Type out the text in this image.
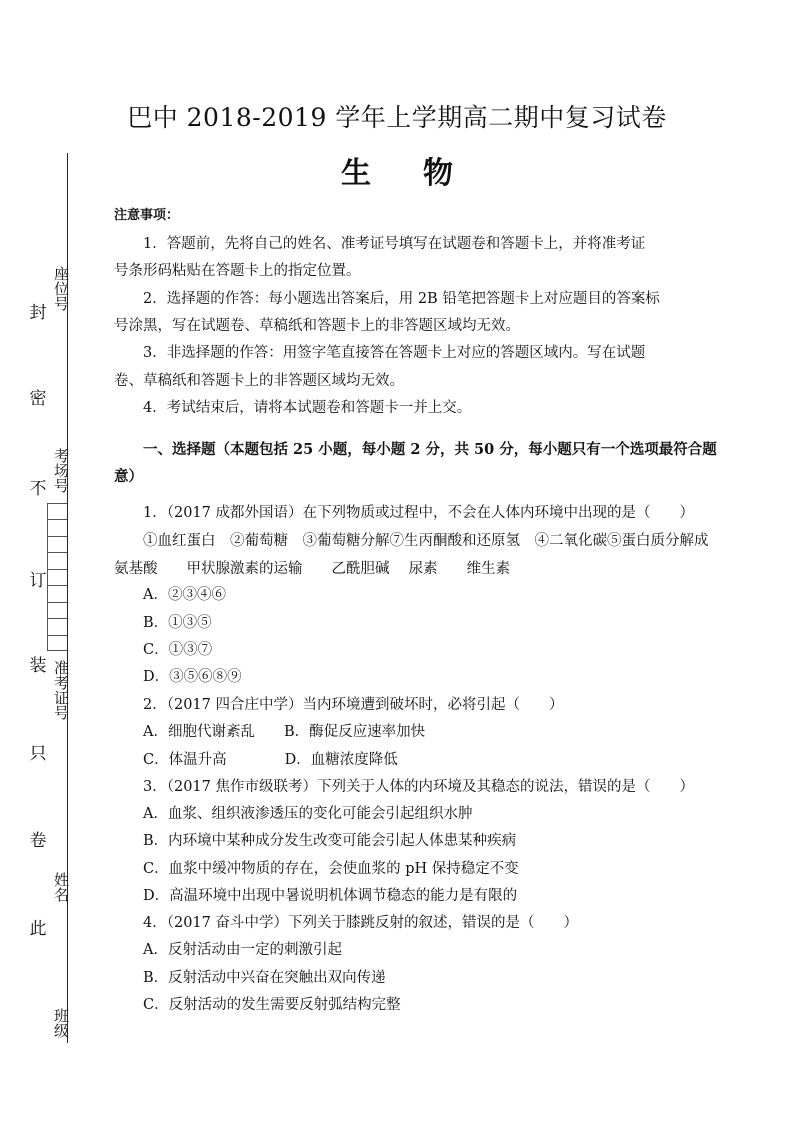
封
密
不
订
装
只
卷
此
座位号
考场号
准考证号
姓名
班级
巴中 2018-2019 学年上学期高二期中复习试卷
生 物
注意事项：
1．答题前，先将自己的姓名、准考证号填写在试题卷和答题卡上，并将准考证
号条形码粘贴在答题卡上的指定位置。
2．选择题的作答：每小题选出答案后，用 2B 铅笔把答题卡上对应题目的答案标
号涂黑，写在试题卷、草稿纸和答题卡上的非答题区域均无效。
3．非选择题的作答：用签字笔直接答在答题卡上对应的答题区域内。写在试题
卷、草稿纸和答题卡上的非答题区域均无效。
4．考试结束后，请将本试题卷和答题卡一并上交。
一、选择题（本题包括 25 小题，每小题 2 分，共 50 分，每小题只有一个选项最符合题
意）
1．（2017 成都外国语）在下列物质或过程中，不会在人体内环境中出现的是（　　）
①血红蛋白　②葡萄糖　③葡萄糖分解⑦生丙酮酸和还原氢　④二氧化碳⑤蛋白质分解成
氨基酸　　甲状腺激素的运输　　乙酰胆碱　 尿素　　维生素
A．②③④⑥
B．①③⑤
C．①③⑦
D．③⑤⑥⑧⑨
2．（2017 四合庄中学）当内环境遭到破坏时，必将引起（　　）
A．细胞代谢紊乱　　B．酶促反应速率加快
C．体温升高　　　　D．血糖浓度降低
3．（2017 焦作市级联考）下列关于人体的内环境及其稳态的说法，错误的是（　　）
A．血浆、组织液渗透压的变化可能会引起组织水肿
B．内环境中某种成分发生改变可能会引起人体患某种疾病
C．血浆中缓冲物质的存在，会使血浆的 pH 保持稳定不变
D．高温环境中出现中暑说明机体调节稳态的能力是有限的
4．（2017 奋斗中学）下列关于膝跳反射的叙述，错误的是（　　）
A．反射活动由一定的刺激引起
B．反射活动中兴奋在突触出双向传递
C．反射活动的发生需要反射弧结构完整
